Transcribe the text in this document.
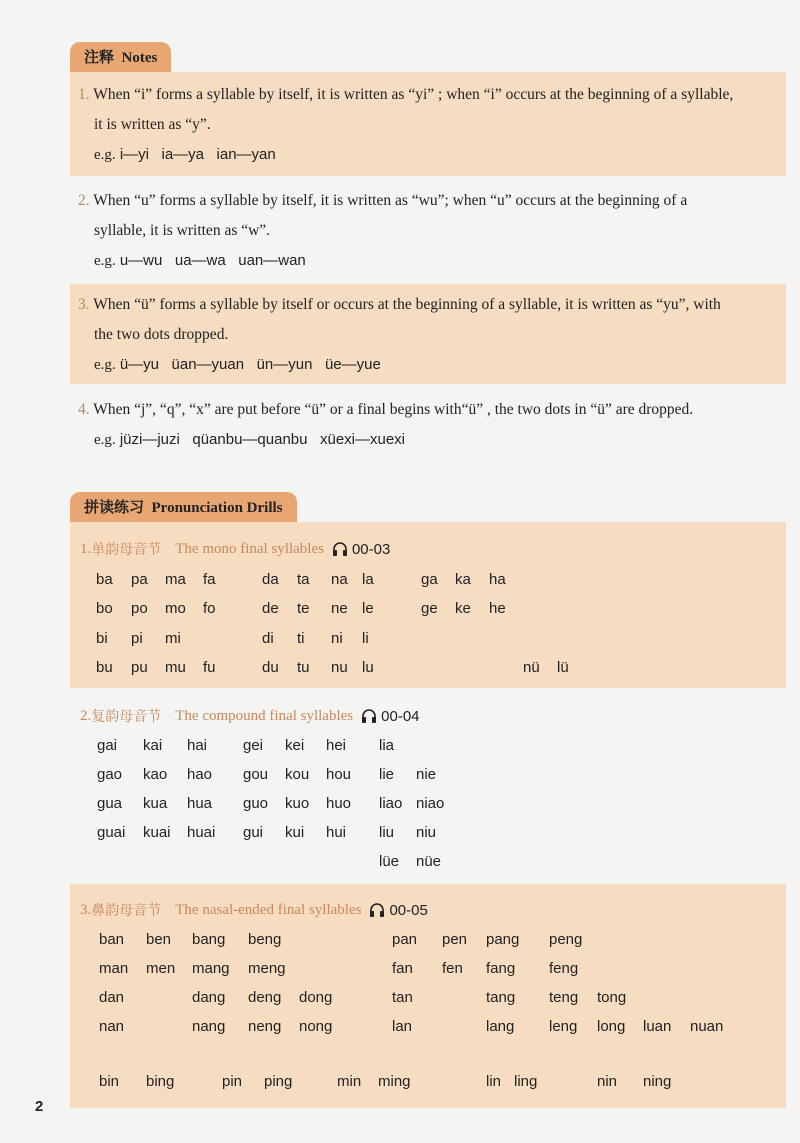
注释 Notes
1. When “i” forms a syllable by itself, it is written as “yi” ; when “i” occurs at the beginning of a syllable,
it is written as “y”.
e.g. i—yi   ia—ya   ian—yan
2. When “u” forms a syllable by itself, it is written as “wu”; when “u” occurs at the beginning of a
syllable, it is written as “w”.
e.g. u—wu   ua—wa   uan—wan
3. When “ü” forms a syllable by itself or occurs at the beginning of a syllable, it is written as “yu”, with
the two dots dropped.
e.g. ü—yu   üan—yuan   ün—yun   üe—yue
4. When “j”, “q”, “x” are put before “ü” or a final begins with“ü” , the two dots in “ü” are dropped.
e.g. jüzi—juzi   qüanbu—quanbu   xüexi—xuexi
拼读练习 Pronunciation Drills
1. 单韵母音节 The mono final syllables 00-03
2. 复韵母音节 The compound final syllables 00-04
3. 鼻韵母音节 The nasal-ended final syllables 00-05
ba pa ma fa	da ta na la	ga ka ha
bo po mo fo	de te ne le	ge ke he
bi pi mi	di ti ni li
bu pu mu fu	du tu nu lu	nü lü
gai kai hai gei kei hei lia
gao kao hao gou kou hou lie nie
gua kua hua guo kuo huo liao niao
guai kuai huai gui kui hui liu niu
lüe nüe
ban ben bang beng	pan pen pang peng
man men mang meng	fan fen fang feng
dan	dang deng dong	tan	tang teng tong
nan	nang neng nong	lan	lang leng long luan nuan
bin bing	pin ping	min ming	lin ling	nin ning
2
